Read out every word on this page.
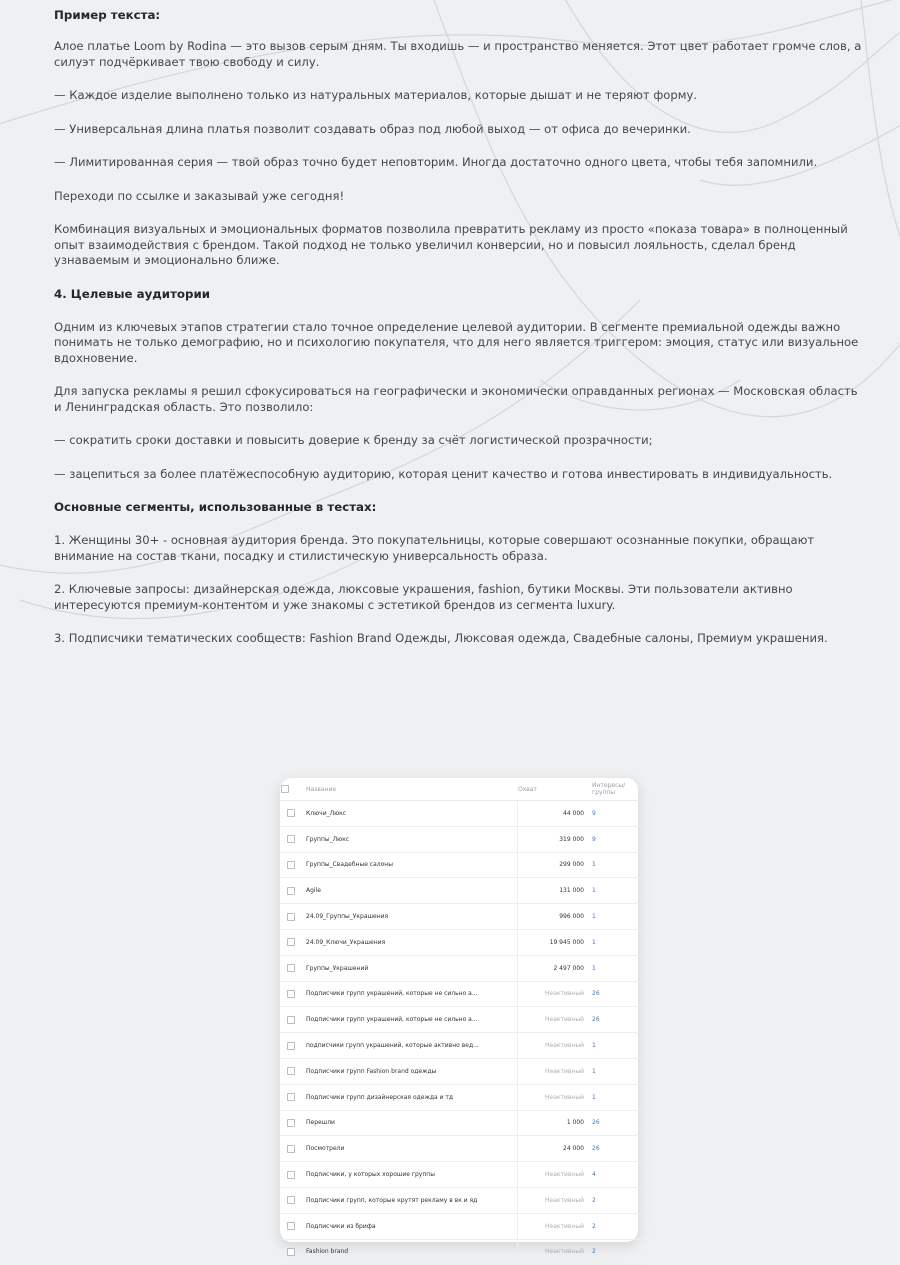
Пример текста:

Алое платье Loom by Rodina — это вызов серым дням. Ты входишь — и пространство меняется. Этот цвет работает громче слов, а силуэт подчёркивает твою свободу и силу.

— Каждое изделие выполнено только из натуральных материалов, которые дышат и не теряют форму.

— Универсальная длина платья позволит создавать образ под любой выход — от офиса до вечеринки.

— Лимитированная серия — твой образ точно будет неповторим. Иногда достаточно одного цвета, чтобы тебя запомнили.

Переходи по ссылке и заказывай уже сегодня!

Комбинация визуальных и эмоциональных форматов позволила превратить рекламу из просто «показа товара» в полноценный опыт взаимодействия с брендом. Такой подход не только увеличил конверсии, но и повысил лояльность, сделал бренд узнаваемым и эмоционально ближе.

4. Целевые аудитории

Одним из ключевых этапов стратегии стало точное определение целевой аудитории. В сегменте премиальной одежды важно понимать не только демографию, но и психологию покупателя, что для него является триггером: эмоция, статус или визуальное вдохновение.

Для запуска рекламы я решил сфокусироваться на географически и экономически оправданных регионах — Московская область и Ленинградская область. Это позволило:

— сократить сроки доставки и повысить доверие к бренду за счёт логистической прозрачности;

— зацепиться за более платёжеспособную аудиторию, которая ценит качество и готова инвестировать в индивидуальность.

Основные сегменты, использованные в тестах:

1. Женщины 30+ - основная аудитория бренда. Это покупательницы, которые совершают осознанные покупки, обращают внимание на состав ткани, посадку и стилистическую универсальность образа.

2. Ключевые запросы: дизайнерская одежда, люксовые украшения, fashion, бутики Москвы. Эти пользователи активно интересуются премиум-контентом и уже знакомы с эстетикой брендов из сегмента luxury.

3. Подписчики тематических сообществ: Fashion Brand Одежды, Люксовая одежда, Свадебные салоны, Премиум украшения.

	Название	Охват	Интересы/группы
	Ключи_Люкс	44 000	9
	Группы_Люкс	319 000	9
	Группы_Свадебные салоны	299 000	1
	Agile	131 000	1
	24.09_Группы_Украшения	996 000	1
	24.09_Ключи_Украшения	19 945 000	1
	Группы_Украшений	2 497 000	1
	Подписчики групп украшений, которые не сильно а...	Неактивный	26
	Подписчики групп украшений, которые не сильно а...	Неактивный	26
	подписчики групп украшений, которые активно вед...	Неактивный	1
	Подписчики групп Fashion brand одежды	Неактивный	1
	Подписчики групп дизайнерская одежда и тд	Неактивный	1
	Перешли	1 000	26
	Посмотрели	24 000	26
	Подписчики, у которых хорошие группы	Неактивный	4
	Подписчики групп, которые крутят рекламу в вк и яд	Неактивный	2
	Подписчики из брифа	Неактивный	2
	Fashion brand	Неактивный	2
